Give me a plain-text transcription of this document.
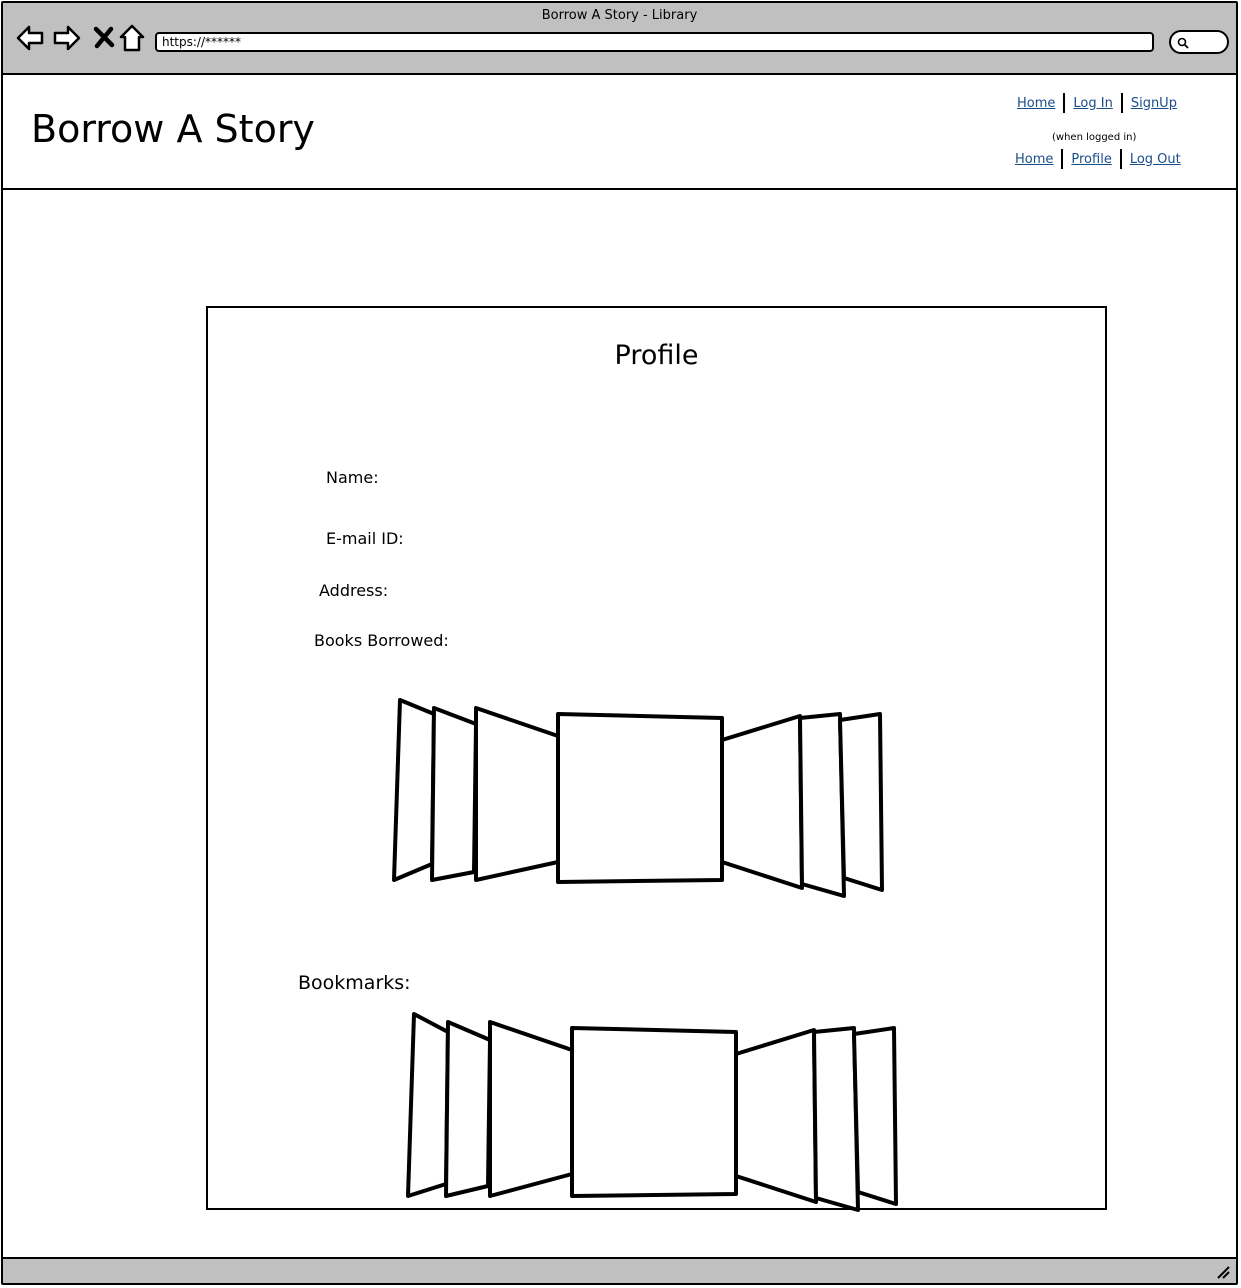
Borrow A Story - Library
https://******
Borrow A Story
Home	Log In	SignUp
(when logged in)
Home	Profile	Log Out
Profile
Name:
E-mail ID:
Address:
Books Borrowed:
Bookmarks:
